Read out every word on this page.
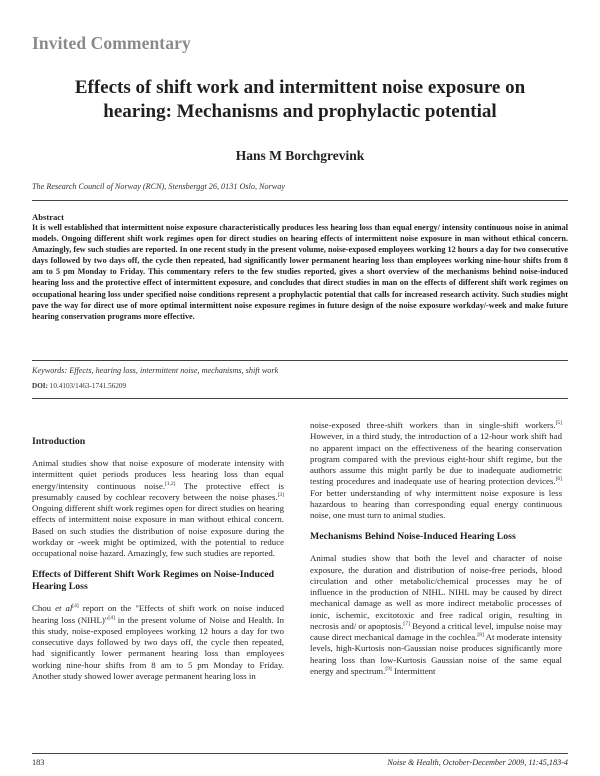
Invited Commentary
Effects of shift work and intermittent noise exposure on hearing: Mechanisms and prophylactic potential
Hans M Borchgrevink
The Research Council of Norway (RCN), Stensberggt 26, 0131 Oslo, Norway
Abstract
It is well established that intermittent noise exposure characteristically produces less hearing loss than equal energy/ intensity continuous noise in animal models. Ongoing different shift work regimes open for direct studies on hearing effects of intermittent noise exposure in man without ethical concern. Amazingly, few such studies are reported. In one recent study in the present volume, noise-exposed employees working 12 hours a day for two consecutive days followed by two days off, the cycle then repeated, had significantly lower permanent hearing loss than employees working nine-hour shifts from 8 am to 5 pm Monday to Friday. This commentary refers to the few studies reported, gives a short overview of the mechanisms behind noise-induced hearing loss and the protective effect of intermittent exposure, and concludes that direct studies in man on the effects of different shift work regimes on occupational hearing loss under specified noise conditions represent a prophylactic potential that calls for increased research activity. Such studies might pave the way for direct use of more optimal intermittent noise exposure regimes in future design of the noise exposure workday/-week and make future hearing conservation programs more effective.
Keywords: Effects, hearing loss, intermittent noise, mechanisms, shift work
DOI: 10.4103/1463-1741.56209
Introduction

Animal studies show that noise exposure of moderate intensity with intermittent quiet periods produces less hearing loss than equal energy/intensity continuous noise.[1,2] The protective effect is presumably caused by cochlear recovery between the noise phases.[3] Ongoing different shift work regimes open for direct studies on hearing effects of intermittent noise exposure in man without ethical concern. Based on such studies the distribution of noise exposure during the workday or -week might be optimized, with the potential to reduce occupational noise hazard. Amazingly, few such studies are reported.

Effects of Different Shift Work Regimes on Noise-Induced Hearing Loss

Chou et al[4] report on the "Effects of shift work on noise induced hearing loss (NIHL)"[4] in the present volume of Noise and Health. In this study, noise-exposed employees working 12 hours a day for two consecutive days followed by two days off, the cycle then repeated, had significantly lower permanent hearing loss than employees working nine-hour shifts from 8 am to 5 pm Monday to Friday. Another study showed lower average permanent hearing loss in

noise-exposed three-shift workers than in single-shift workers.[5] However, in a third study, the introduction of a 12-hour work shift had no apparent impact on the effectiveness of the hearing conservation program compared with the previous eight-hour shift regime, but the authors assume this might partly be due to inadequate audiometric testing procedures and inadequate use of hearing protection devices.[6] For better understanding of why intermittent noise exposure is less hazardous to hearing than corresponding equal energy continuous noise, one must turn to animal studies.

Mechanisms Behind Noise-Induced Hearing Loss

Animal studies show that both the level and character of noise exposure, the duration and distribution of noise-free periods, blood circulation and other metabolic/chemical processes may be of influence in the production of NIHL. NIHL may be caused by direct mechanical damage as well as more indirect metabolic processes of ionic, ischemic, excitotoxic and free radical origin, resulting in necrosis and/ or apoptosis.[7] Beyond a critical level, impulse noise may cause direct mechanical damage in the cochlea.[8] At moderate intensity levels, high-Kurtosis non-Gaussian noise produces significantly more hearing loss than low-Kurtosis Gaussian noise of the same equal energy and spectrum.[9] Intermittent

183	Noise & Health, October-December 2009, 11:45,183-4
